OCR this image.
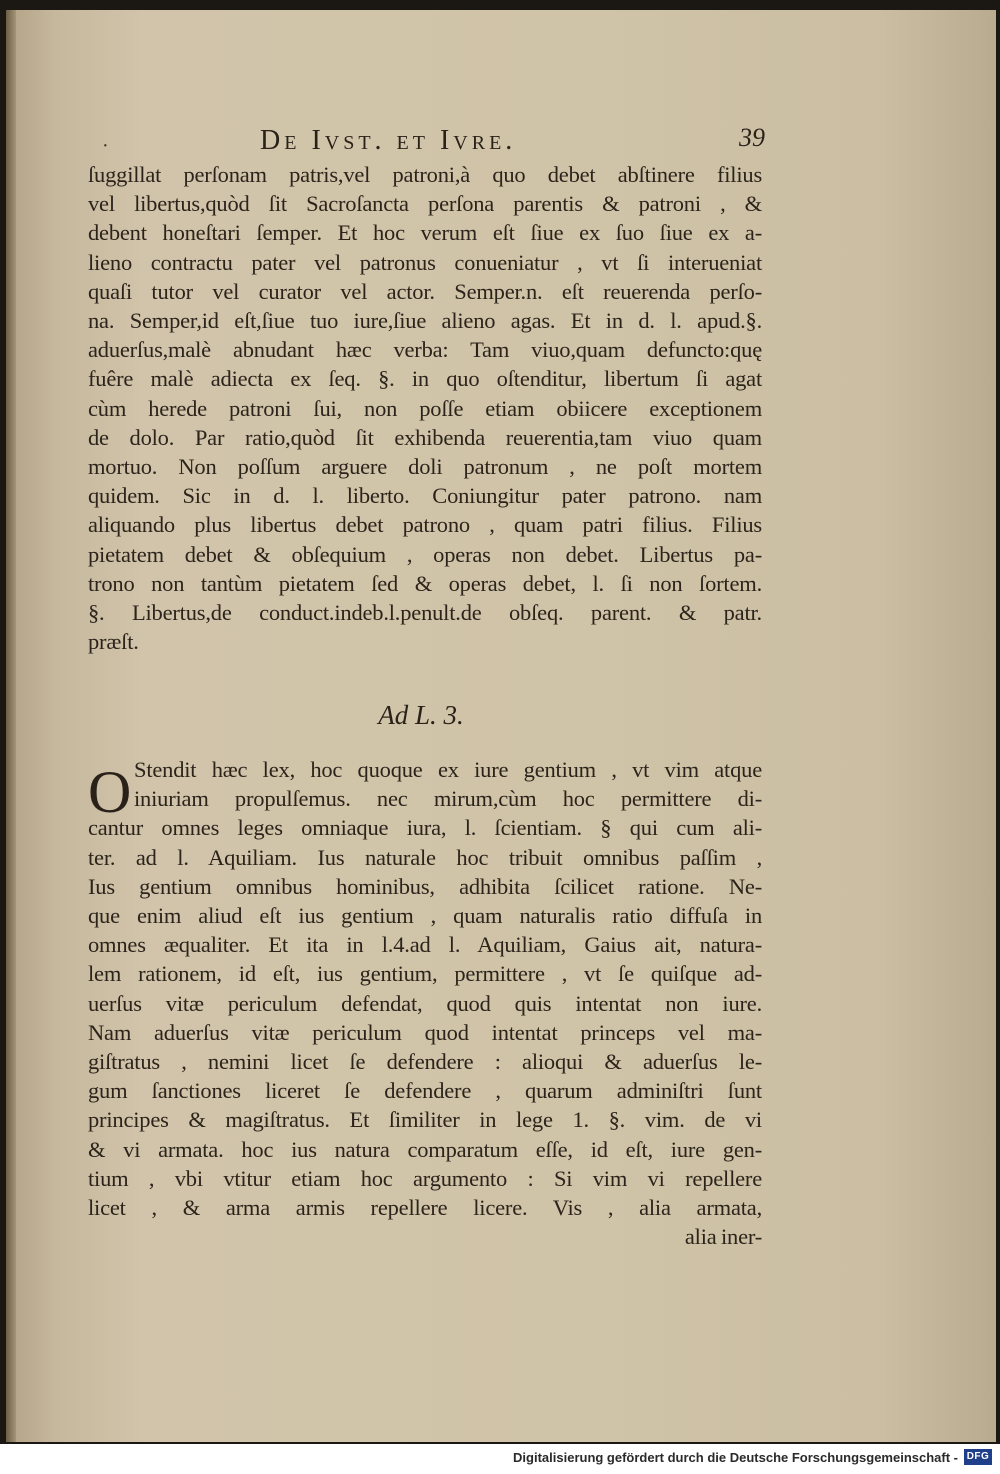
·	De Ivst. et Ivre.	39
ſuggillat perſonam patris,vel patroni,à quo debet abſtinere filius
vel libertus,quòd ſit Sacroſancta perſona parentis & patroni , &
debent honeſtari ſemper. Et hoc verum eſt ſiue ex ſuo ſiue ex a-
lieno contractu pater vel patronus conueniatur , vt ſi interueniat
quaſi tutor vel curator vel actor. Semper.n. eſt reuerenda perſo-
na. Semper,id eſt,ſiue tuo iure,ſiue alieno agas. Et in d. l. apud.§.
aduerſus,malè abnudant hæc verba: Tam viuo,quam defuncto:quę
fuêre malè adiecta ex ſeq. §. in quo oſtenditur, libertum ſi agat
cùm herede patroni ſui, non poſſe etiam obiicere exceptionem
de dolo. Par ratio,quòd ſit exhibenda reuerentia,tam viuo quam
mortuo. Non poſſum arguere doli patronum , ne poſt mortem
quidem. Sic in d. l. liberto. Coniungitur pater patrono. nam
aliquando plus libertus debet patrono , quam patri filius. Filius
pietatem debet & obſequium , operas non debet. Libertus pa-
trono non tantùm pietatem ſed & operas debet, l. ſi non ſortem.
§. Libertus,de conduct.indeb.l.penult.de obſeq. parent. & patr.
præſt.
Ad L. 3.
O Stendit hæc lex, hoc quoque ex iure gentium , vt vim atque
iniuriam propulſemus. nec mirum,cùm hoc permittere di-
cantur omnes leges omniaque iura, l. ſcientiam. § qui cum ali-
ter. ad l. Aquiliam. Ius naturale hoc tribuit omnibus paſſim ,
Ius gentium omnibus hominibus, adhibita ſcilicet ratione. Ne-
que enim aliud eſt ius gentium , quam naturalis ratio diffuſa in
omnes æqualiter. Et ita in l.4.ad l. Aquiliam, Gaius ait, natura-
lem rationem, id eſt, ius gentium, permittere , vt ſe quiſque ad-
uerſus vitæ periculum defendat, quod quis intentat non iure.
Nam aduerſus vitæ periculum quod intentat princeps vel ma-
giſtratus , nemini licet ſe defendere : alioqui & aduerſus le-
gum ſanctiones liceret ſe defendere , quarum adminiſtri ſunt
principes & magiſtratus. Et ſimiliter in lege 1. §. vim. de vi
& vi armata. hoc ius natura comparatum eſſe, id eſt, iure gen-
tium , vbi vtitur etiam hoc argumento : Si vim vi repellere
licet , & arma armis repellere licere. Vis , alia armata,
alia iner-
Digitalisierung gefördert durch die Deutsche Forschungsgemeinschaft - DFG
